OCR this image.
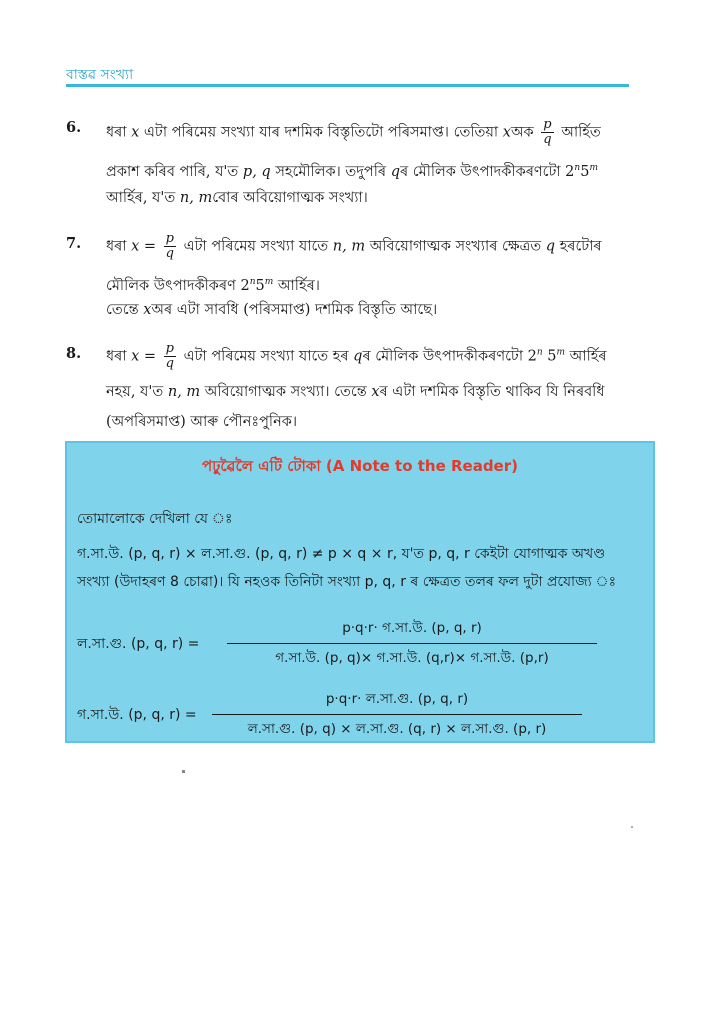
বাস্তৱ সংখ্যা
6. ধৰা x এটা পৰিমেয় সংখ্যা যাৰ দশমিক বিস্তৃতিটো পৰিসমাপ্ত। তেতিয়া xঅক $\frac{p}{q}$ আৰ্হিত
প্ৰকাশ কৰিব পাৰি, য'ত p, q সহমৌলিক। তদুপৰি qৰ মৌলিক উৎপাদকীকৰণটো 2$^n$5$^m$
আৰ্হিৰ, য'ত n, mবোৰ অবিয়োগাত্মক সংখ্যা।
7. ধৰা $x = \frac{p}{q}$ এটা পৰিমেয় সংখ্যা যাতে n, m অবিয়োগাত্মক সংখ্যাৰ ক্ষেত্ৰত q হৰটোৰ
মৌলিক উৎপাদকীকৰণ 2$^n$5$^m$ আৰ্হিৰ।
তেন্তে xঅৰ এটা সাবধি (পৰিসমাপ্ত) দশমিক বিস্তৃতি আছে।
8. ধৰা $x = \frac{p}{q}$ এটা পৰিমেয় সংখ্যা যাতে হৰ qৰ মৌলিক উৎপাদকীকৰণটো 2$^n$ 5$^m$ আৰ্হিৰ
নহয়, য'ত n, m অবিয়োগাত্মক সংখ্যা। তেন্তে xৰ এটা দশমিক বিস্তৃতি থাকিব যি নিৰবধি
(অপৰিসমাপ্ত) আৰু পৌনঃপুনিক।
পঢ়ুৱৈলৈ এটি টোকা (A Note to the Reader)
তোমালোকে দেখিলা যে ঃ
গ.সা.উ. (p, q, r) × ল.সা.গু. (p, q, r) ≠ p × q × r, য'ত p, q, r কেইটা যোগাত্মক অখণ্ড
সংখ্যা (উদাহৰণ 8 চোৱা)। যি নহওক তিনিটা সংখ্যা p, q, r ৰ ক্ষেত্ৰত তলৰ ফল দুটা প্ৰযোজ্য ঃ
ল.সা.গু. (p, q, r) =
p·q·r· গ.সা.উ. (p, q, r)
গ.সা.উ. (p, q)× গ.সা.উ. (q,r)× গ.সা.উ. (p,r)
গ.সা.উ. (p, q, r) =
p·q·r· ল.সা.গু. (p, q, r)
ল.সা.গু. (p, q) × ল.সা.গু. (q, r) × ল.সা.গু. (p, r)
